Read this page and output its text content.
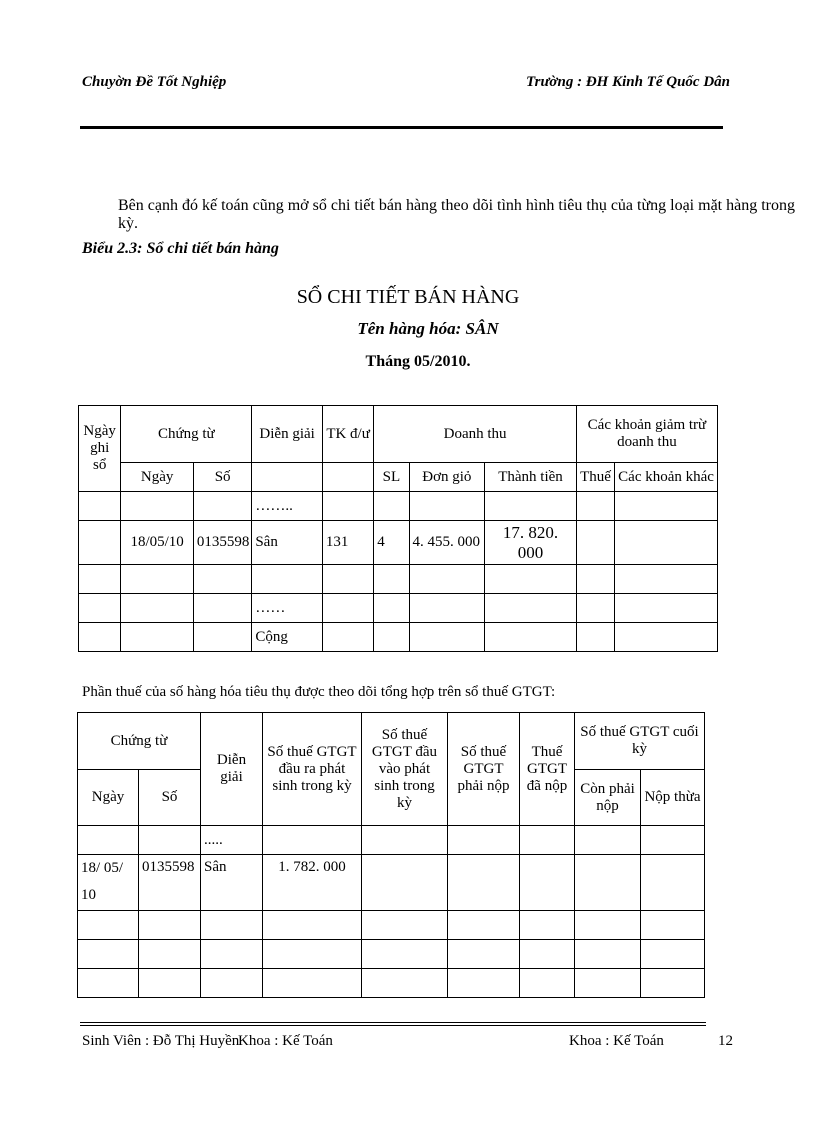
Chuyờn Đề Tốt Nghiệp	Trường : ĐH Kinh Tế Quốc Dân
Bên cạnh đó kế toán cũng mở sổ chi tiết bán hàng theo dõi tình hình tiêu thụ của từng loại mặt hàng trong kỳ.
Biểu 2.3: Sổ chi tiết bán hàng
SỔ CHI TIẾT BÁN HÀNG
Tên hàng hóa: SÂN
Tháng 05/2010.
Ngày ghi sổ	Chứng từ		Diễn giải	TK đ/ư	Doanh thu			Các khoản giảm trừ doanh thu	
	Ngày	Số			SL	Đơn giỏ	Thành tiền	Thuế	Các khoản khác
			……..						
	18/05/10	0135598	Sân	131	4	4. 455. 000	17. 820. 000		

			……						
			Cộng						
Phần thuế của số hàng hóa tiêu thụ được theo dõi tổng hợp trên sổ thuế GTGT:
Chứng từ		Diễn giải	Số thuế GTGT đầu ra phát sinh trong kỳ	Số thuế GTGT đầu vào phát sinh trong kỳ	Số thuế GTGT phải nộp	Thuế GTGT đã nộp	Số thuế GTGT cuối kỳ	
Ngày	Số						Còn phải nộp	Nộp thừa
		.....						
18/ 05/ 10	0135598	Sân	1. 782. 000					

Sinh Viên : Đỗ Thị Huyền
Khoa : Kế Toán	Khoa : Kế Toán	12
